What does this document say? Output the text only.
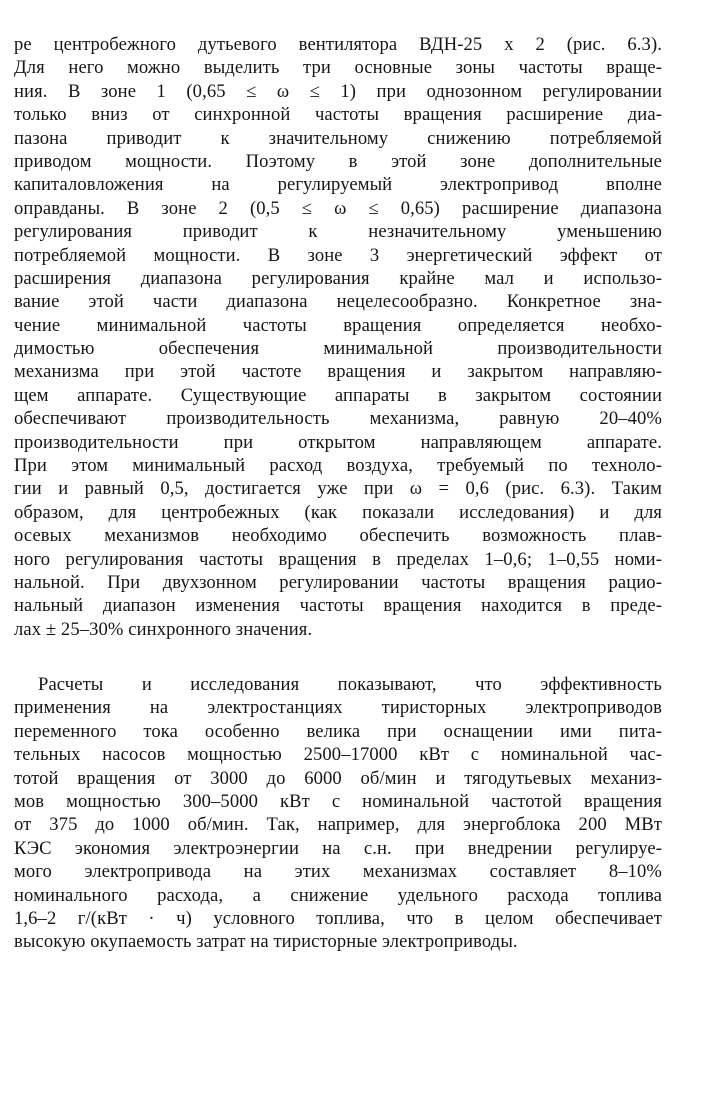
ре центробежного дутьевого вентилятора ВДН-25 х 2 (рис. 6.3).
Для него можно выделить три основные зоны частоты враще-
ния. В зоне 1 (0,65 ≤ ω ≤ 1) при однозонном регулировании
только вниз от синхронной частоты вращения расширение диа-
пазона приводит к значительному снижению потребляемой
приводом мощности. Поэтому в этой зоне дополнительные
капиталовложения на регулируемый электропривод вполне
оправданы. В зоне 2 (0,5 ≤ ω ≤ 0,65) расширение диапазона
регулирования приводит к незначительному уменьшению
потребляемой мощности. В зоне 3 энергетический эффект от
расширения диапазона регулирования крайне мал и использо-
вание этой части диапазона нецелесообразно. Конкретное зна-
чение минимальной частоты вращения определяется необхо-
димостью обеспечения минимальной производительности
механизма при этой частоте вращения и закрытом направляю-
щем аппарате. Существующие аппараты в закрытом состоянии
обеспечивают производительность механизма, равную 20–40%
производительности при открытом направляющем аппарате.
При этом минимальный расход воздуха, требуемый по техноло-
гии и равный 0,5, достигается уже при ω = 0,6 (рис. 6.3). Таким
образом, для центробежных (как показали исследования) и для
осевых механизмов необходимо обеспечить возможность плав-
ного регулирования частоты вращения в пределах 1–0,6; 1–0,55 номи-
нальной. При двухзонном регулировании частоты вращения рацио-
нальный диапазон изменения частоты вращения находится в преде-
лах ± 25–30% синхронного значения.
Расчеты и исследования показывают, что эффективность
применения на электростанциях тиристорных электроприводов
переменного тока особенно велика при оснащении ими пита-
тельных насосов мощностью 2500–17000 кВт с номинальной час-
тотой вращения от 3000 до 6000 об/мин и тягодутьевых механиз-
мов мощностью 300–5000 кВт с номинальной частотой вращения
от 375 до 1000 об/мин. Так, например, для энергоблока 200 МВт
КЭС экономия электроэнергии на с.н. при внедрении регулируе-
мого электропривода на этих механизмах составляет 8–10%
номинального расхода, а снижение удельного расхода топлива
1,6–2 г/(кВт · ч) условного топлива, что в целом обеспечивает
высокую окупаемость затрат на тиристорные электроприводы.
